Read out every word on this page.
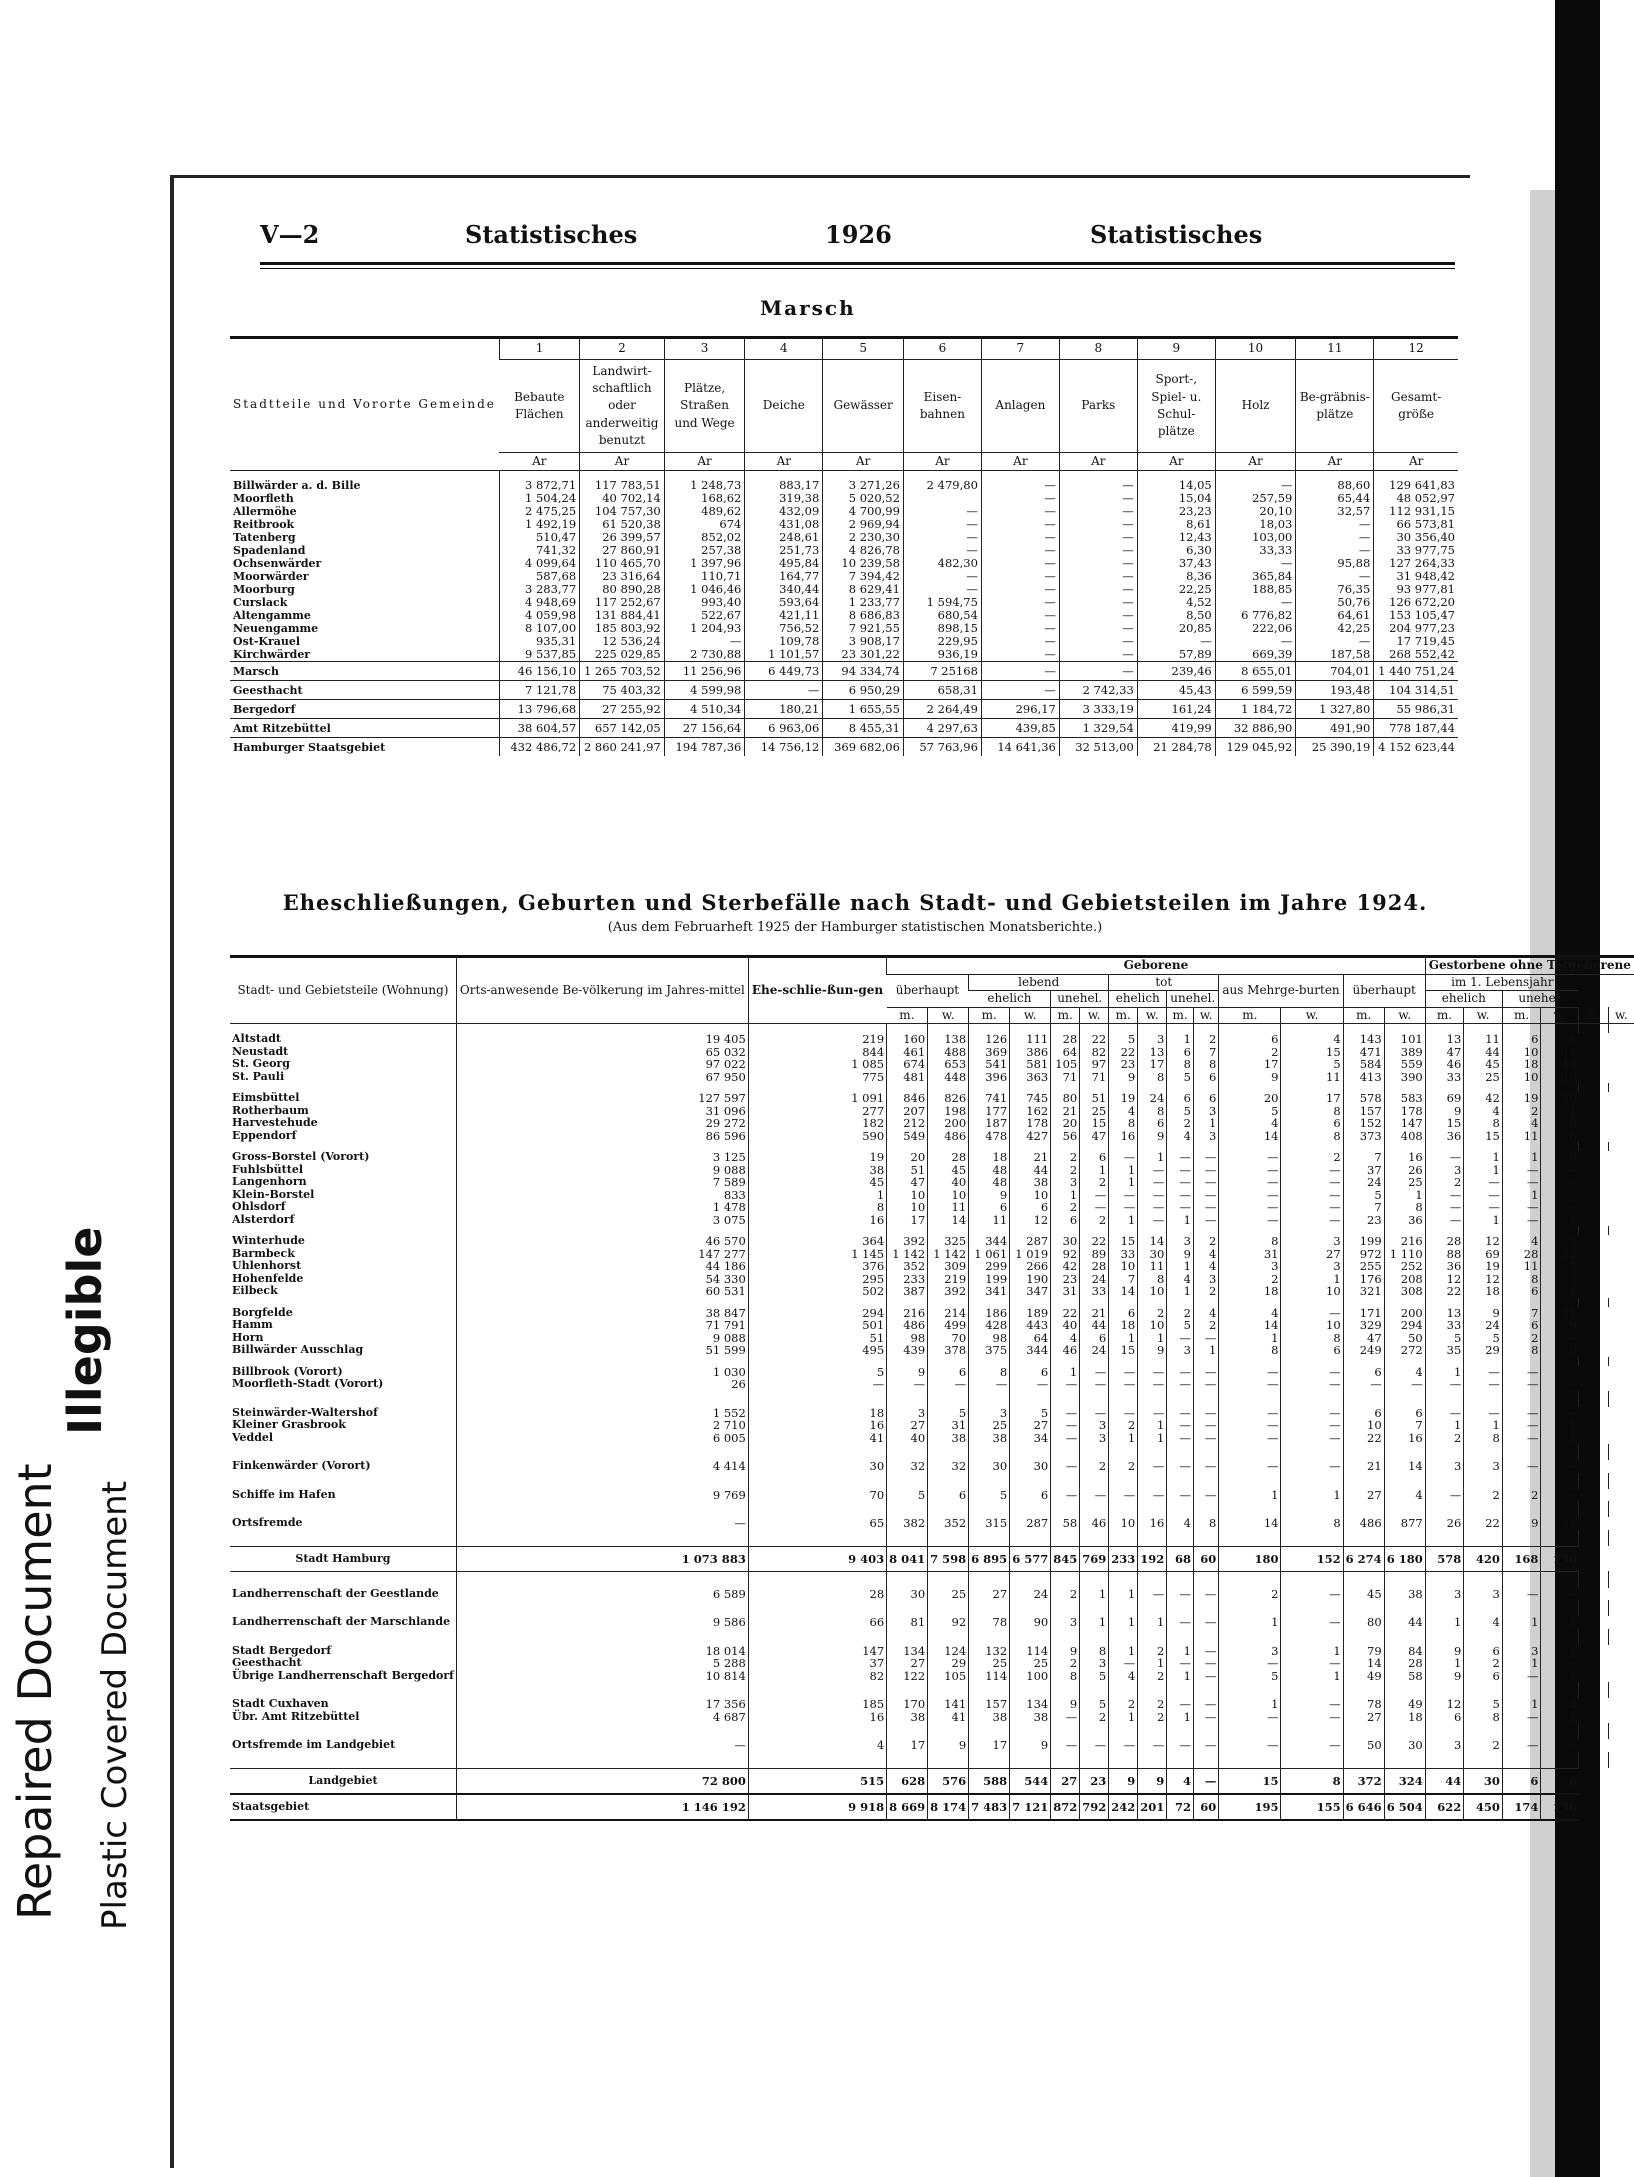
V—2	Statistisches	1926	Statistisches
Marsch
Stadtteile und Vororte Gemeinde	1	2	3	4	5	6	7	8	9	10	11	12
	Bebaute Flächen	Landwirt-schaftlich oder anderweitig benutzt	Plätze, Straßen und Wege	Deiche	Gewässer	Eisen-bahnen	Anlagen	Parks	Sport-, Spiel- u. Schul-plätze	Holz	Be-gräbnis-plätze	Gesamt-größe
	Ar	Ar	Ar	Ar	Ar	Ar	Ar	Ar	Ar	Ar	Ar	Ar

Billwärder a. d. Bille	3 872,71	117 783,51	1 248,73	883,17	3 271,26	2 479,80	—	—	14,05	—	88,60	129 641,83
Moorfleth	1 504,24	40 702,14	168,62	319,38	5 020,52		—	—	15,04	257,59	65,44	48 052,97
Allermöhe	2 475,25	104 757,30	489,62	432,09	4 700,99	—	—	—	23,23	20,10	32,57	112 931,15
Reitbrook	1 492,19	61 520,38	674	431,08	2 969,94	—	—	—	8,61	18,03	—	66 573,81
Tatenberg	510,47	26 399,57	852,02	248,61	2 230,30	—	—	—	12,43	103,00	—	30 356,40
Spadenland	741,32	27 860,91	257,38	251,73	4 826,78	—	—	—	6,30	33,33	—	33 977,75
Ochsenwärder	4 099,64	110 465,70	1 397,96	495,84	10 239,58	482,30	—	—	37,43	—	95,88	127 264,33
Moorwärder	587,68	23 316,64	110,71	164,77	7 394,42	—	—	—	8,36	365,84	—	31 948,42
Moorburg	3 283,77	80 890,28	1 046,46	340,44	8 629,41	—	—	—	22,25	188,85	76,35	93 977,81
Curslack	4 948,69	117 252,67	993,40	593,64	1 233,77	1 594,75	—	—	4,52	—	50,76	126 672,20
Altengamme	4 059,98	131 884,41	522,67	421,11	8 686,83	680,54	—	—	8,50	6 776,82	64,61	153 105,47
Neuengamme	8 107,00	185 803,92	1 204,93	756,52	7 921,55	898,15	—	—	20,85	222,06	42,25	204 977,23
Ost-Krauel	935,31	12 536,24	—	109,78	3 908,17	229,95	—	—	—	—	—	17 719,45
Kirchwärder	9 537,85	225 029,85	2 730,88	1 101,57	23 301,22	936,19	—	—	57,89	669,39	187,58	268 552,42
Marsch	46 156,10	1 265 703,52	11 256,96	6 449,73	94 334,74	7 25168	—	—	239,46	8 655,01	704,01	1 440 751,24
Geesthacht	7 121,78	75 403,32	4 599,98	—	6 950,29	658,31	—	2 742,33	45,43	6 599,59	193,48	104 314,51
Bergedorf	13 796,68	27 255,92	4 510,34	180,21	1 655,55	2 264,49	296,17	3 333,19	161,24	1 184,72	1 327,80	55 986,31
Amt Ritzebüttel	38 604,57	657 142,05	27 156,64	6 963,06	8 455,31	4 297,63	439,85	1 329,54	419,99	32 886,90	491,90	778 187,44
Hamburger Staatsgebiet	432 486,72	2 860 241,97	194 787,36	14 756,12	369 682,06	57 763,96	14 641,36	32 513,00	21 284,78	129 045,92	25 390,19	4 152 623,44
Eheschließungen, Geburten und Sterbefälle nach Stadt- und Gebietsteilen im Jahre 1924.
(Aus dem Februarheft 1925 der Hamburger statistischen Monatsberichte.)
Stadt- und Gebietsteile (Wohnung)	Orts-anwesende Be-völkerung im Jahres-mittel	Ehe-schlie-ßun-gen	Geborene														Gestorbene ohne Totgeborene					
			überhaupt		lebend				tot				aus Mehrge-burten		überhaupt		im 1. Lebensjahr					
					ehelich		unehel.		ehelich		unehel.						ehelich		unehel.			
			m.	w.	m.	w.	m.	w.	m.	w.	m.	w.	m.	w.	m.	w.	m.	w.	m.	w.	m.	w.

Altstadt	19 405	219	160	138	126	111	28	22	5	3	1	2	6	4	143	101	13	11	6	6		
Neustadt	65 032	844	461	488	369	386	64	82	22	13	6	7	2	15	471	389	47	44	10	11		
St. Georg	97 022	1 085	674	653	541	581	105	97	23	17	8	8	17	5	584	559	46	45	18	13		
St. Pauli	67 950	775	481	448	396	363	71	71	9	8	5	6	9	11	413	390	33	25	10	10		

Eimsbüttel	127 597	1 091	846	826	741	745	80	51	19	24	6	6	20	17	578	583	69	42	19	10		
Rotherbaum	31 096	277	207	198	177	162	21	25	4	8	5	3	5	8	157	178	9	4	2	1		
Harvestehude	29 272	182	212	200	187	178	20	15	8	6	2	1	4	6	152	147	15	8	4	8		
Eppendorf	86 596	590	549	486	478	427	56	47	16	9	4	3	14	8	373	408	36	15	11	6		

Gross-Borstel (Vorort)	3 125	19	20	28	18	21	2	6	—	1	—	—	—	2	7	16	—	1	1	8		
Fuhlsbüttel	9 088	38	51	45	48	44	2	1	1	—	—	—	—	—	37	26	3	1	—	—		
Langenhorn	7 589	45	47	40	48	38	3	2	1	—	—	—	—	—	24	25	2	—	—	—		
Klein-Borstel	833	1	10	10	9	10	1	—	—	—	—	—	—	—	5	1	—	—	1	—		
Ohlsdorf	1 478	8	10	11	6	6	2	—	—	—	—	—	—	—	7	8	—	—	—	—		
Alsterdorf	3 075	16	17	14	11	12	6	2	1	—	1	—	—	—	23	36	—	1	—	1		

Winterhude	46 570	364	392	325	344	287	30	22	15	14	3	2	8	3	199	216	28	12	4	8		
Barmbeck	147 277	1 145	1 142	1 142	1 061	1 019	92	89	33	30	9	4	31	27	972	1 110	88	69	28	12		
Uhlenhorst	44 186	376	352	309	299	266	42	28	10	11	1	4	3	3	255	252	36	19	11	5		
Hohenfelde	54 330	295	233	219	199	190	23	24	7	8	4	3	2	1	176	208	12	12	8	4		
Eilbeck	60 531	502	387	392	341	347	31	33	14	10	1	2	18	10	321	308	22	18	6	4		

Borgfelde	38 847	294	216	214	186	189	22	21	6	2	2	4	4	—	171	200	13	9	7	11		
Hamm	71 791	501	486	499	428	443	40	44	18	10	5	2	14	10	329	294	33	24	6	9		
Horn	9 088	51	98	70	98	64	4	6	1	1	—	—	1	8	47	50	5	5	2	—		
Billwärder Ausschlag	51 599	495	439	378	375	344	46	24	15	9	3	1	8	6	249	272	35	29	8	8		

Billbrook (Vorort)	1 030	5	9	6	8	6	1	—	—	—	—	—	—	—	6	4	1	—	—	—		
Moorfleth-Stadt (Vorort)	26	—	—	—	—	—	—	—	—	—	—	—	—	—	—	—	—	—	—	—		

Steinwärder-Waltershof	1 552	18	3	5	3	5	—	—	—	—	—	—	—	—	6	6	—	—	—	—		
Kleiner Grasbrook	2 710	16	27	31	25	27	—	3	2	1	—	—	—	—	10	7	1	1	—	1		
Veddel	6 005	41	40	38	38	34	—	3	1	1	—	—	—	—	22	16	2	8	—	1		

Finkenwärder (Vorort)	4 414	30	32	32	30	30	—	2	2	—	—	—	—	—	21	14	3	3	—	—		

Schiffe im Hafen	9 769	70	5	6	5	6	—	—	—	—	—	—	1	1	27	4	—	2	2	—		

Ortsfremde	—	65	382	352	315	287	58	46	10	16	4	8	14	8	486	877	26	22	9	11		

Stadt Hamburg	1 073 883	9 403	8 041	7 598	6 895	6 577	845	769	233	192	68	60	180	152	6 274	6 180	578	420	168	130		

Landherrenschaft der Geestlande	6 589	28	30	25	27	24	2	1	1	—	—	—	2	—	45	38	3	3	—	—		

Landherrenschaft der Marschlande	9 586	66	81	92	78	90	3	1	1	1	—	—	1	—	80	44	1	4	1	1		

Stadt Bergedorf	18 014	147	134	124	132	114	9	8	1	2	1	—	3	1	79	84	9	6	3	1		
Geesthacht	5 288	37	27	29	25	25	2	3	—	1	—	—	—	—	14	28	1	2	1	—		
Übrige Landherrenschaft Bergedorf	10 814	82	122	105	114	100	8	5	4	2	1	—	5	1	49	58	9	6	—	1		

Stadt Cuxhaven	17 356	185	170	141	157	134	9	5	2	2	—	—	1	—	78	49	12	5	1	2		
Übr. Amt Ritzebüttel	4 687	16	38	41	38	38	—	2	1	2	1	—	—	—	27	18	6	8	—	1		

Ortsfremde im Landgebiet	—	4	17	9	17	9	—	—	—	—	—	—	—	—	50	30	3	2	—	—		

Landgebiet	72 800	515	628	576	588	544	27	23	9	9	4	—	15	8	372	324	44	30	6	6		
Staatsgebiet	1 146 192	9 918	8 669	8 174	7 483	7 121	872	792	242	201	72	60	195	155	6 646	6 504	622	450	174	136		
Repaired Document
Illegible
Plastic Covered Document
